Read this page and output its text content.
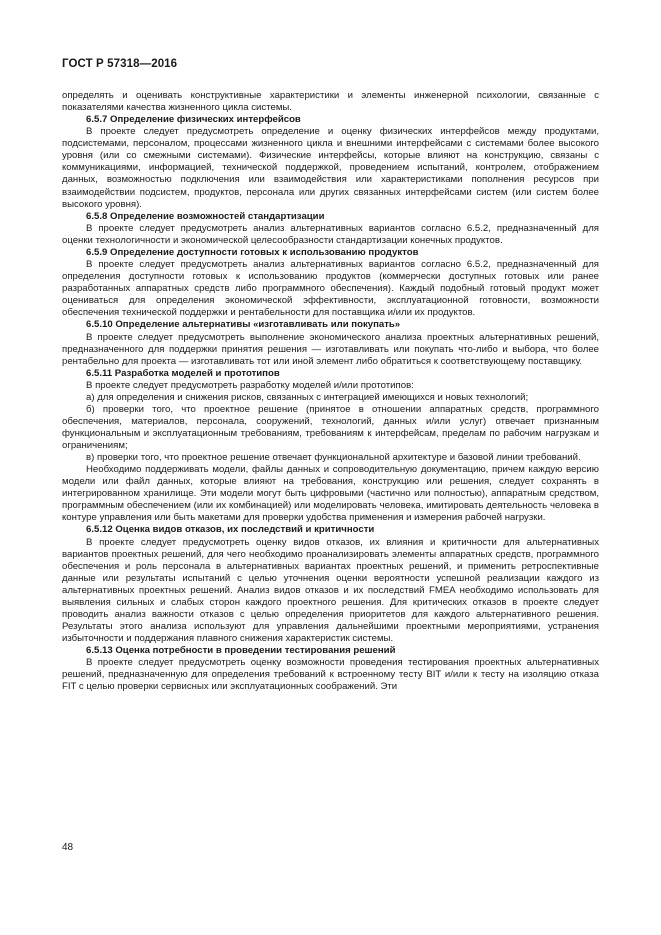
ГОСТ Р 57318—2016

определять и оценивать конструктивные характеристики и элементы инженерной психологии, связанные с показателями качества жизненного цикла системы.

6.5.7 Определение физических интерфейсов

В проекте следует предусмотреть определение и оценку физических интерфейсов между продуктами, подсистемами, персоналом, процессами жизненного цикла и внешними интерфейсами с системами более высокого уровня (или со смежными системами). Физические интерфейсы, которые влияют на конструкцию, связаны с коммуникациями, информацией, технической поддержкой, проведением испытаний, контролем, отображением данных, возможностью подключения или взаимодействия или характеристиками пополнения ресурсов при взаимодействии подсистем, продуктов, персонала или других связанных интерфейсами систем (или систем более высокого уровня).

6.5.8 Определение возможностей стандартизации

В проекте следует предусмотреть анализ альтернативных вариантов согласно 6.5.2, предназначенный для оценки технологичности и экономической целесообразности стандартизации конечных продуктов.

6.5.9 Определение доступности готовых к использованию продуктов

В проекте следует предусмотреть анализ альтернативных вариантов согласно 6.5.2, предназначенный для определения доступности готовых к использованию продуктов (коммерчески доступных готовых или ранее разработанных аппаратных средств либо программного обеспечения). Каждый подобный готовый продукт может оцениваться для определения экономической эффективности, эксплуатационной готовности, возможности обеспечения технической поддержки и рентабельности для поставщика и/или их продуктов.

6.5.10 Определение альтернативы «изготавливать или покупать»

В проекте следует предусмотреть выполнение экономического анализа проектных альтернативных решений, предназначенного для поддержки принятия решения — изготавливать или покупать что-либо и выбора, что более рентабельно для проекта — изготавливать тот или иной элемент либо обратиться к соответствующему поставщику.

6.5.11 Разработка моделей и прототипов

В проекте следует предусмотреть разработку моделей и/или прототипов:

а) для определения и снижения рисков, связанных с интеграцией имеющихся и новых технологий;

б) проверки того, что проектное решение (принятое в отношении аппаратных средств, программного обеспечения, материалов, персонала, сооружений, технологий, данных и/или услуг) отвечает признанным функциональным и эксплуатационным требованиям, требованиям к интерфейсам, пределам по рабочим нагрузкам и ограничениям;

в) проверки того, что проектное решение отвечает функциональной архитектуре и базовой линии требований.

Необходимо поддерживать модели, файлы данных и сопроводительную документацию, причем каждую версию модели или файл данных, которые влияют на требования, конструкцию или решения, следует сохранять в интегрированном хранилище. Эти модели могут быть цифровыми (частично или полностью), аппаратным средством, программным обеспечением (или их комбинацией) или моделировать человека, имитировать деятельность человека в контуре управления или быть макетами для проверки удобства применения и измерения рабочей нагрузки.

6.5.12 Оценка видов отказов, их последствий и критичности

В проекте следует предусмотреть оценку видов отказов, их влияния и критичности для альтернативных вариантов проектных решений, для чего необходимо проанализировать элементы аппаратных средств, программного обеспечения и роль персонала в альтернативных вариантах проектных решений, и применить ретроспективные данные или результаты испытаний с целью уточнения оценки вероятности успешной реализации каждого из альтернативных проектных решений. Анализ видов отказов и их последствий FMEA необходимо использовать для выявления сильных и слабых сторон каждого проектного решения. Для критических отказов в проекте следует проводить анализ важности отказов с целью определения приоритетов для каждого альтернативного решения. Результаты этого анализа используют для управления дальнейшими проектными мероприятиями, устранения избыточности и поддержания плавного снижения характеристик системы.

6.5.13 Оценка потребности в проведении тестирования решений

В проекте следует предусмотреть оценку возможности проведения тестирования проектных альтернативных решений, предназначенную для определения требований к встроенному тесту BIT и/или к тесту на изоляцию отказа FIT с целью проверки сервисных или эксплуатационных соображений. Эти

48
